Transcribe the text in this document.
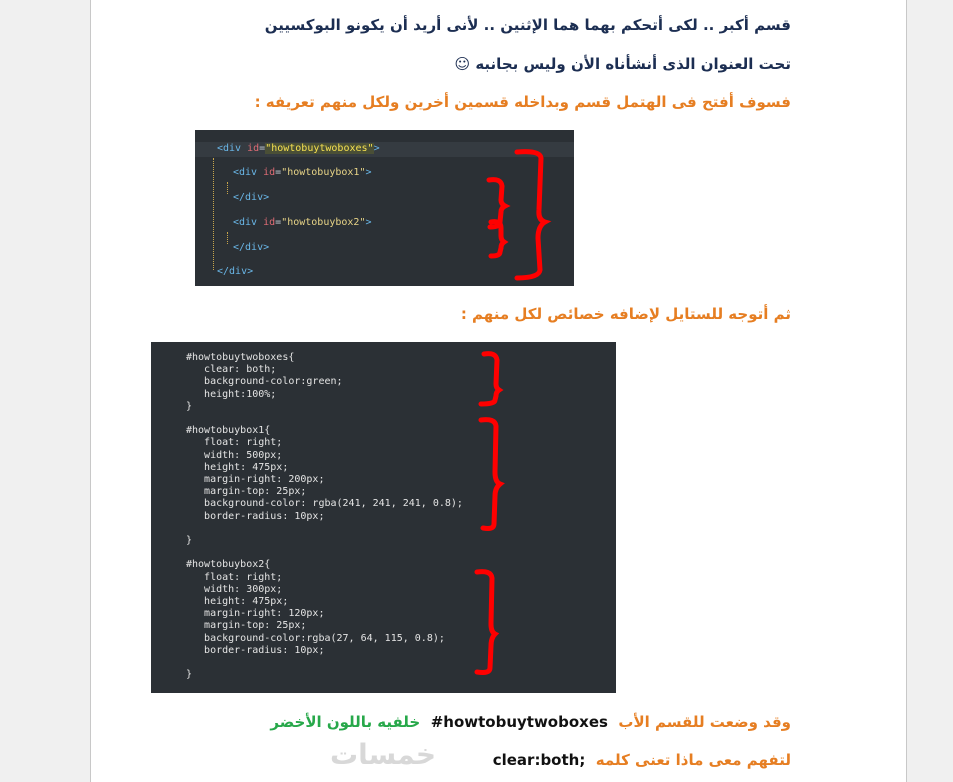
قسم أكبر .. لكى أتحكم بهما هما الإثنين .. لأنى أريد أن يكونو البوكسيين

تحت العنوان الذى أنشأناه الأن وليس بجانبه ☺

فسوف أفتح فى الهتمل قسم وبداخله قسمين أخرين ولكل منهم تعريفه :

<div id="howtobuytwoboxes">
<div id="howtobuybox1">
</div>
<div id="howtobuybox2">
</div>
</div>

ثم أتوجه للستايل لإضافه خصائص لكل منهم :

#howtobuytwoboxes{
clear: both;
background-color:green;
height:100%;
}
#howtobuybox1{
float: right;
width: 500px;
height: 475px;
margin-right: 200px;
margin-top: 25px;
background-color: rgba(241, 241, 241, 0.8);
border-radius: 10px;
}
#howtobuybox2{
float: right;
width: 300px;
height: 475px;
margin-right: 120px;
margin-top: 25px;
background-color:rgba(27, 64, 115, 0.8);
border-radius: 10px;
}

وقد وضعت للقسم الأب  #howtobuytwoboxes  خلفيه باللون الأخضر

خمسات	لتفهم معى ماذا تعنى كلمه  clear:both;
